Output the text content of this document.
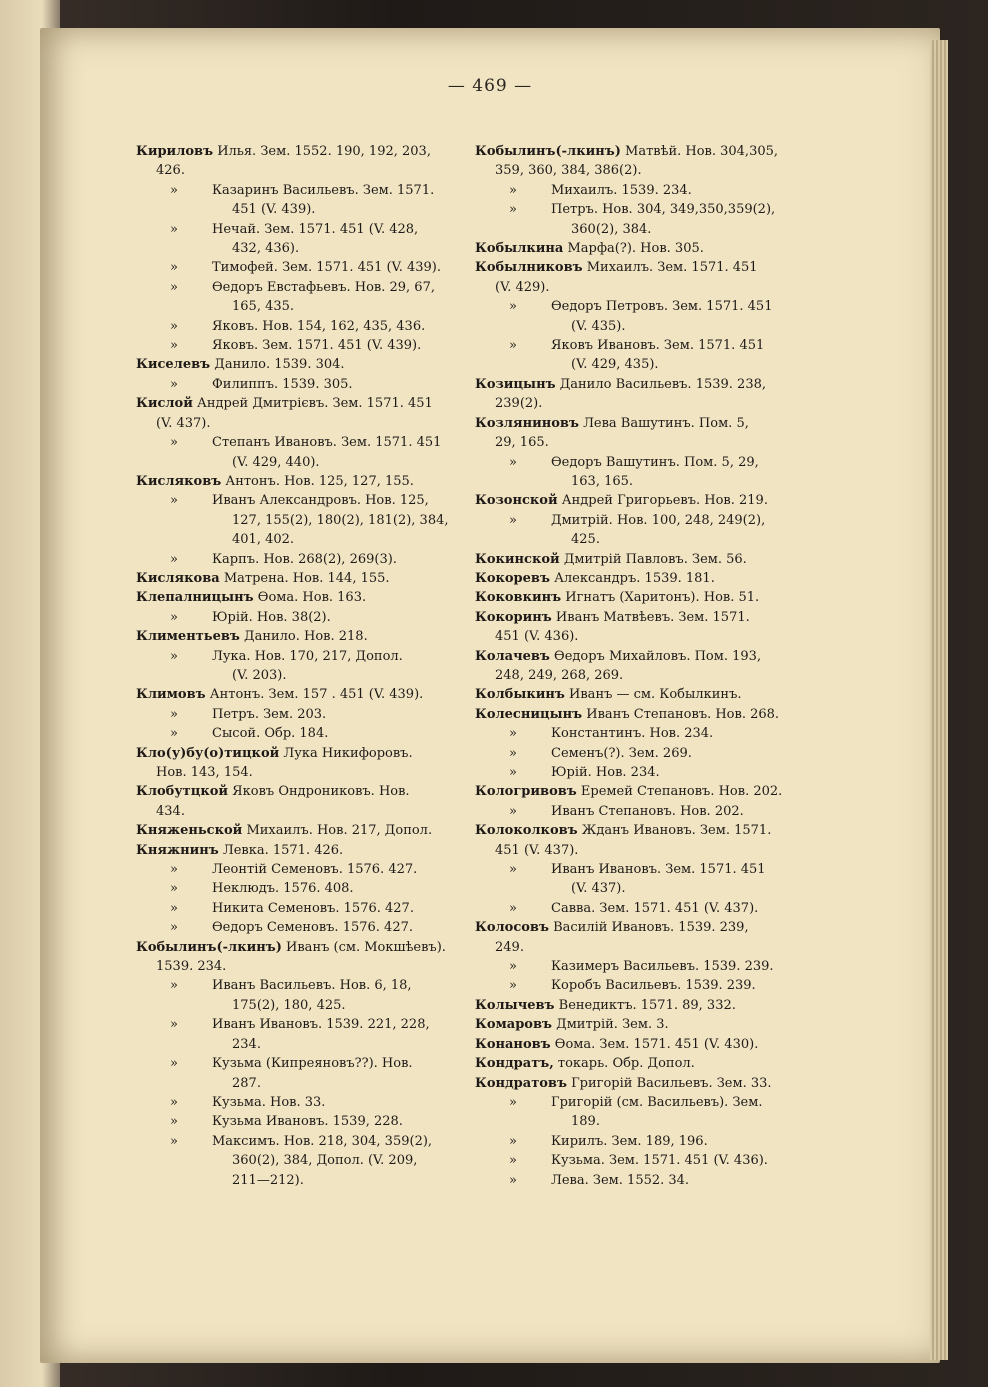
— 469 —
Кириловъ Илья. Зем. 1552. 190, 192, 203,
426.
»	Казаринъ Васильевъ. Зем. 1571.
451 (V. 439).
»	Нечай. Зем. 1571. 451 (V. 428,
432, 436).
»	Тимофей. Зем. 1571. 451 (V. 439).
»	Өедоръ Евстафьевъ. Нов. 29, 67,
165, 435.
»	Яковъ. Нов. 154, 162, 435, 436.
»	Яковъ. Зем. 1571. 451 (V. 439).
Киселевъ Данило. 1539. 304.
»	Филиппъ. 1539. 305.
Кислой Андрей Дмитрієвъ. Зем. 1571. 451
(V. 437).
»	Степанъ Ивановъ. Зем. 1571. 451
(V. 429, 440).
Кисляковъ Антонъ. Нов. 125, 127, 155.
»	Иванъ Александровъ. Нов. 125,
127, 155(2), 180(2), 181(2), 384,
401, 402.
»	Карпъ. Нов. 268(2), 269(3).
Кислякова Матрена. Нов. 144, 155.
Клепалницынъ Өома. Нов. 163.
»	Юрій. Нов. 38(2).
Климентьевъ Данило. Нов. 218.
»	Лука. Нов. 170, 217, Допол.
(V. 203).
Климовъ Антонъ. Зем. 157 . 451 (V. 439).
»	Петръ. Зем. 203.
»	Сысой. Обр. 184.
Кло(у)бу(о)тицкой Лука Никифоровъ.
Нов. 143, 154.
Клобутцкой Яковъ Ондрониковъ. Нов.
434.
Княженьской Михаилъ. Нов. 217, Допол.
Княжнинъ Левка. 1571. 426.
»	Леонтій Семеновъ. 1576. 427.
»	Неклюдъ. 1576. 408.
»	Никита Семеновъ. 1576. 427.
»	Өедоръ Семеновъ. 1576. 427.
Кобылинъ(-лкинъ) Иванъ (см. Мокшѣевъ).
1539. 234.
»	Иванъ Васильевъ. Нов. 6, 18,
175(2), 180, 425.
»	Иванъ Ивановъ. 1539. 221, 228,
234.
»	Кузьма (Кипреяновъ??). Нов.
287.
»	Кузьма. Нов. 33.
»	Кузьма Ивановъ. 1539, 228.
»	Максимъ. Нов. 218, 304, 359(2),
360(2), 384, Допол. (V. 209,
211—212).
Кобылинъ(-лкинъ) Матвѣй. Нов. 304,305,
359, 360, 384, 386(2).
»	Михаилъ. 1539. 234.
»	Петръ. Нов. 304, 349,350,359(2),
360(2), 384.
Кобылкина Марфа(?). Нов. 305.
Кобылниковъ Михаилъ. Зем. 1571. 451
(V. 429).
»	Өедоръ Петровъ. Зем. 1571. 451
(V. 435).
»	Яковъ Ивановъ. Зем. 1571. 451
(V. 429, 435).
Козицынъ Данило Васильевъ. 1539. 238,
239(2).
Козляниновъ Лева Вашутинъ. Пом. 5,
29, 165.
»	Өедоръ Вашутинъ. Пом. 5, 29,
163, 165.
Козонской Андрей Григорьевъ. Нов. 219.
»	Дмитрій. Нов. 100, 248, 249(2),
425.
Кокинской Дмитрій Павловъ. Зем. 56.
Кокоревъ Александръ. 1539. 181.
Коковкинъ Игнатъ (Харитонъ). Нов. 51.
Кокоринъ Иванъ Матвѣевъ. Зем. 1571.
451 (V. 436).
Колачевъ Өедоръ Михайловъ. Пом. 193,
248, 249, 268, 269.
Колбыкинъ Иванъ — см. Кобылкинъ.
Колесницынъ Иванъ Степановъ. Нов. 268.
»	Константинъ. Нов. 234.
»	Семенъ(?). Зем. 269.
»	Юрій. Нов. 234.
Кологривовъ Еремей Степановъ. Нов. 202.
»	Иванъ Степановъ. Нов. 202.
Колоколковъ Жданъ Ивановъ. Зем. 1571.
451 (V. 437).
»	Иванъ Ивановъ. Зем. 1571. 451
(V. 437).
»	Савва. Зем. 1571. 451 (V. 437).
Колосовъ Василій Ивановъ. 1539. 239,
249.
»	Казимеръ Васильевъ. 1539. 239.
»	Коробъ Васильевъ. 1539. 239.
Колычевъ Венедиктъ. 1571. 89, 332.
Комаровъ Дмитрій. Зем. 3.
Конановъ Өома. Зем. 1571. 451 (V. 430).
Кондратъ, токарь. Обр. Допол.
Кондратовъ Григорій Васильевъ. Зем. 33.
»	Григорій (см. Васильевъ). Зем.
189.
»	Кирилъ. Зем. 189, 196.
»	Кузьма. Зем. 1571. 451 (V. 436).
»	Лева. Зем. 1552. 34.
